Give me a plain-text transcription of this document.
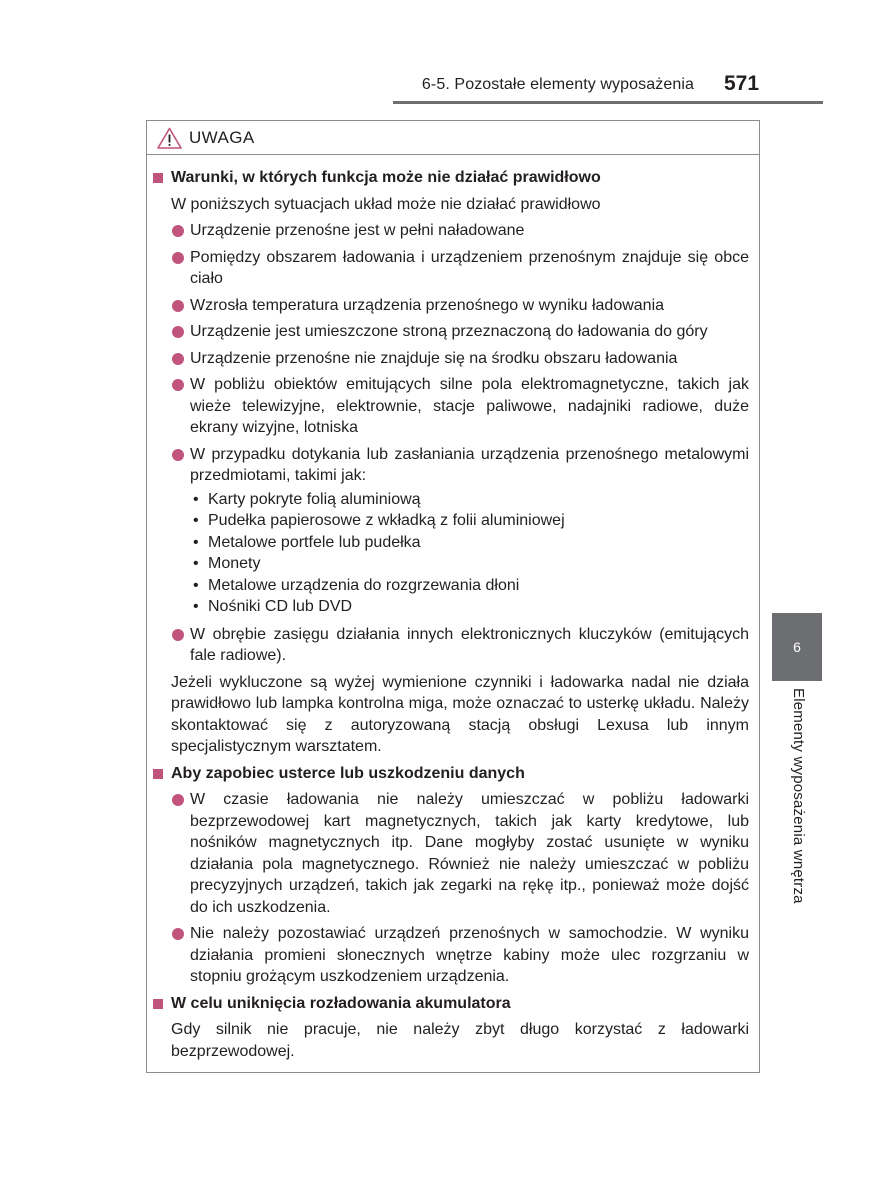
6-5. Pozostałe elementy wyposażenia 571
6
Elementy wyposażenia wnętrza
UWAGA
Warunki, w których funkcja może nie działać prawidłowo
W poniższych sytuacjach układ może nie działać prawidłowo
Urządzenie przenośne jest w pełni naładowane
Pomiędzy obszarem ładowania i urządzeniem przenośnym znajduje się obce ciało
Wzrosła temperatura urządzenia przenośnego w wyniku ładowania
Urządzenie jest umieszczone stroną przeznaczoną do ładowania do góry
Urządzenie przenośne nie znajduje się na środku obszaru ładowania
W pobliżu obiektów emitujących silne pola elektromagnetyczne, takich jak wieże telewizyjne, elektrownie, stacje paliwowe, nadajniki radiowe, duże ekrany wizyjne, lotniska
W przypadku dotykania lub zasłaniania urządzenia przenośnego metalowymi przedmiotami, takimi jak:
• Karty pokryte folią aluminiową
• Pudełka papierosowe z wkładką z folii aluminiowej
• Metalowe portfele lub pudełka
• Monety
• Metalowe urządzenia do rozgrzewania dłoni
• Nośniki CD lub DVD
W obrębie zasięgu działania innych elektronicznych kluczyków (emitujących fale radiowe).
Jeżeli wykluczone są wyżej wymienione czynniki i ładowarka nadal nie działa prawidłowo lub lampka kontrolna miga, może oznaczać to usterkę układu. Należy skontaktować się z autoryzowaną stacją obsługi Lexusa lub innym specjalistycznym warsztatem.
Aby zapobiec usterce lub uszkodzeniu danych
W czasie ładowania nie należy umieszczać w pobliżu ładowarki bezprzewodowej kart magnetycznych, takich jak karty kredytowe, lub nośników magnetycznych itp. Dane mogłyby zostać usunięte w wyniku działania pola magnetycznego. Również nie należy umieszczać w pobliżu precyzyjnych urządzeń, takich jak zegarki na rękę itp., ponieważ może dojść do ich uszkodzenia.
Nie należy pozostawiać urządzeń przenośnych w samochodzie. W wyniku działania promieni słonecznych wnętrze kabiny może ulec rozgrzaniu w stopniu grożącym uszkodzeniem urządzenia.
W celu uniknięcia rozładowania akumulatora
Gdy silnik nie pracuje, nie należy zbyt długo korzystać z ładowarki bezprzewodowej.
